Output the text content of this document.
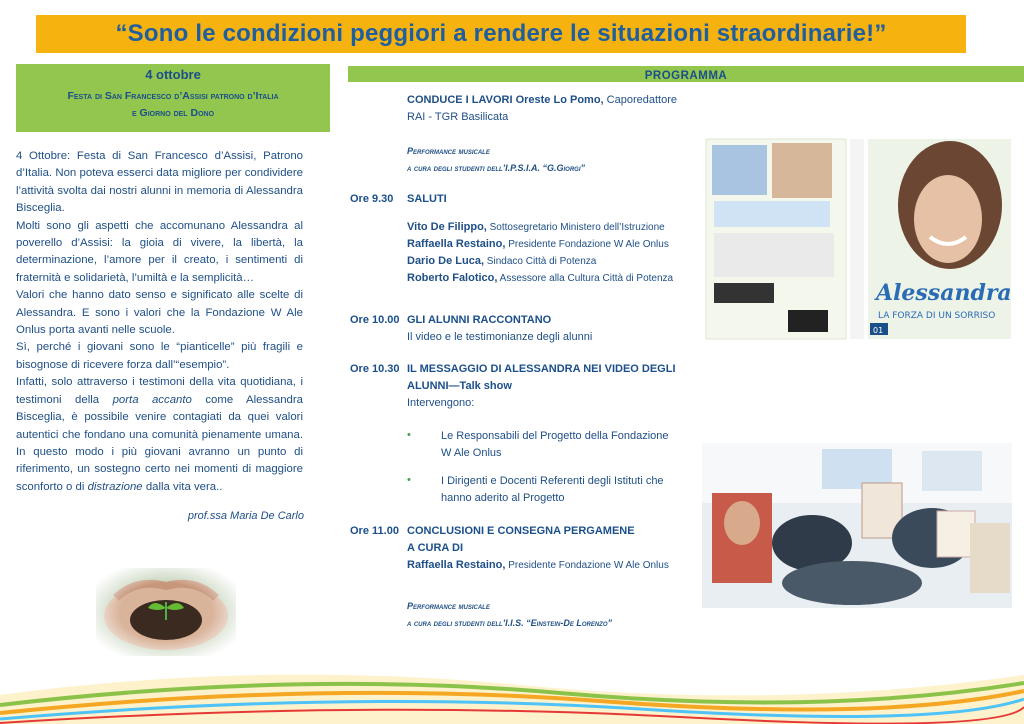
“Sono le condizioni peggiori a rendere le situazioni straordinarie!”
4 ottobre
Festa di San Francesco d’Assisi patrono d’Italia
e Giorno del Dono

4 Ottobre: Festa di San Francesco d’Assisi, Patrono d’Italia. Non poteva esserci data migliore per condividere l’attività svolta dai nostri alunni in memoria di Alessandra Bisceglia.

Molti sono gli aspetti che accomunano Alessandra al poverello d’Assisi: la gioia di vivere, la libertà, la determinazione, l’amore per il creato, i sentimenti di fraternità e solidarietà, l’umiltà e la semplicità…

Valori che hanno dato senso e significato alle scelte di Alessandra. E sono i valori che la Fondazione W Ale Onlus porta avanti nelle scuole.

Sì, perché i giovani sono le “pianticelle” più fragili e bisognose di ricevere forza dall’“esempio”.

Infatti, solo attraverso i testimoni della vita quotidiana, i testimoni della porta accanto come Alessandra Bisceglia, è possibile venire contagiati da quei valori autentici che fondano una comunità pienamente umana. In questo modo i più giovani avranno un punto di riferimento, un sostegno certo nei momenti di maggiore sconforto o di distrazione dalla vita vera..

prof.ssa Maria De Carlo
PROGRAMMA
CONDUCE I LAVORI Oreste Lo Pomo, Caporedattore
RAI - TGR Basilicata
Performance musicale
a cura degli studenti dell’I.P.S.I.A. “G.Giorgi”
Ore 9.30 SALUTI
Vito De Filippo, Sottosegretario Ministero dell’Istruzione
Raffaella Restaino, Presidente Fondazione W Ale Onlus
Dario De Luca, Sindaco Città di Potenza
Roberto Falotico, Assessore alla Cultura Città di Potenza
Ore 10.00 GLI ALUNNI RACCONTANO
Il video e le testimonianze degli alunni
Ore 10.30 IL MESSAGGIO DI ALESSANDRA NEI VIDEO DEGLI
ALUNNI—Talk show
Intervengono:
•	Le Responsabili del Progetto della Fondazione
W Ale Onlus
•	I Dirigenti e Docenti Referenti degli Istituti che
hanno aderito al Progetto
Ore 11.00 CONCLUSIONI E CONSEGNA PERGAMENE
A CURA DI
Raffaella Restaino, Presidente Fondazione W Ale Onlus
Performance musicale
a cura degli studenti dell’I.I.S. “Einstein-De Lorenzo”
Alessandra
LA FORZA DI UN SORRISO
01
